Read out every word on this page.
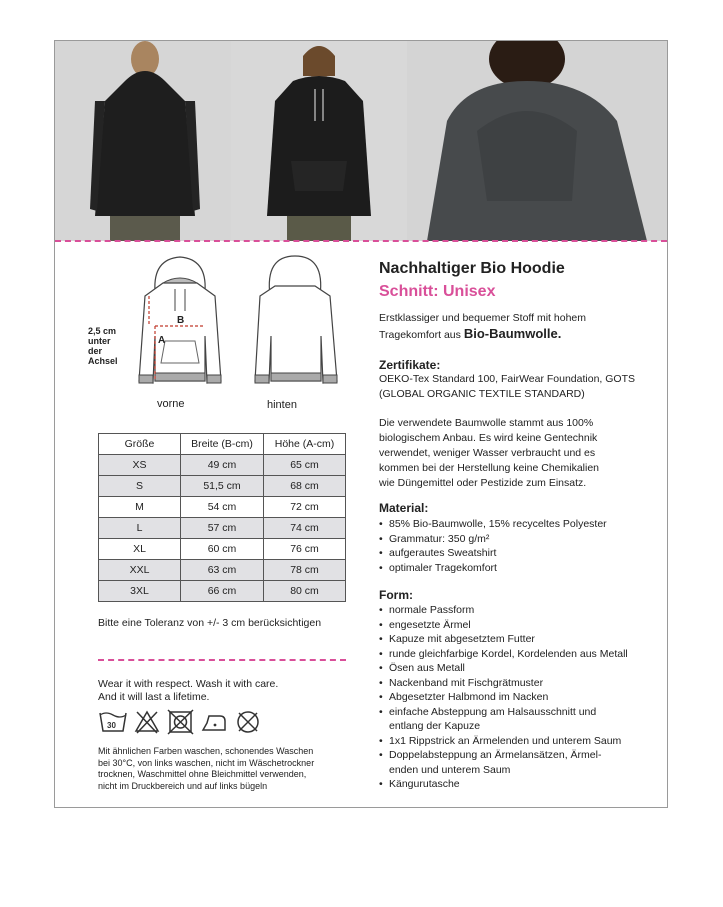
B
A
2,5 cm
unter
der
Achsel
vorne	hinten
Größe	Breite (B-cm)	Höhe (A-cm)
XS	49 cm	65 cm
S	51,5 cm	68 cm
M	54 cm	72 cm
L	57 cm	74 cm
XL	60 cm	76 cm
XXL	63 cm	78 cm
3XL	66 cm	80 cm
Bitte eine Toleranz von +/- 3 cm berücksichtigen
Wear it with respect. Wash it with care.
And it will last a lifetime.
30
Mit ähnlichen Farben waschen, schonendes Waschen
bei 30°C, von links waschen, nicht im Wäschetrockner
trocknen, Waschmittel ohne Bleichmittel verwenden,
nicht im Druckbereich und auf links bügeln
Nachhaltiger Bio Hoodie
Schnitt: Unisex
Erstklassiger und bequemer Stoff mit hohem
Tragekomfort aus Bio-Baumwolle.
Zertifikate:
OEKO-Tex Standard 100, FairWear Foundation, GOTS
(GLOBAL ORGANIC TEXTILE STANDARD)
Die verwendete Baumwolle stammt aus 100%
biologischem Anbau. Es wird keine Gentechnik
verwendet, weniger Wasser verbraucht und es
kommen bei der Herstellung keine Chemikalien
wie Düngemittel oder Pestizide zum Einsatz.
Material:
• 85% Bio-Baumwolle, 15% recyceltes Polyester
• Grammatur: 350 g/m²
• aufgerautes Sweatshirt
• optimaler Tragekomfort
Form:
• normale Passform
• engesetzte Ärmel
• Kapuze mit abgesetztem Futter
• runde gleichfarbige Kordel, Kordelenden aus Metall
• Ösen aus Metall
• Nackenband mit Fischgrätmuster
• Abgesetzter Halbmond im Nacken
• einfache Absteppung am Halsausschnitt und
entlang der Kapuze
• 1x1 Rippstrick an Ärmelenden und unterem Saum
• Doppelabsteppung an Ärmelansätzen, Ärmel-
enden und unterem Saum
• Kängurutasche
